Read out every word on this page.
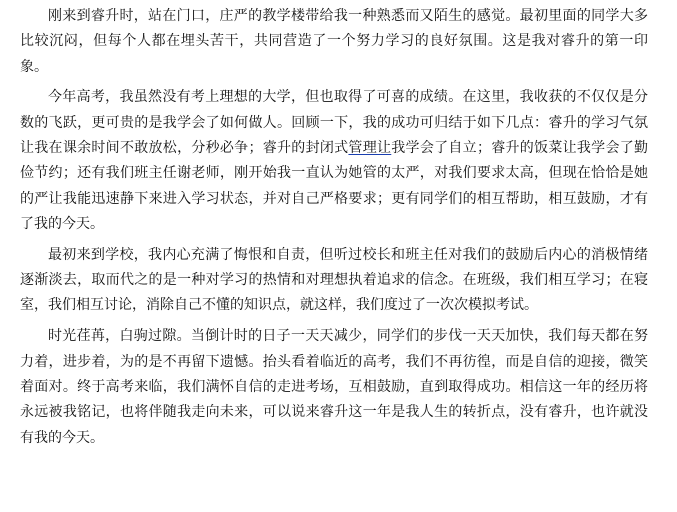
刚来到睿升时，站在门口，庄严的教学楼带给我一种熟悉而又陌生的感觉。最初里面的同学大多比较沉闷，但每个人都在埋头苦干，共同营造了一个努力学习的良好氛围。这是我对睿升的第一印象。

今年高考，我虽然没有考上理想的大学，但也取得了可喜的成绩。在这里，我收获的不仅仅是分数的飞跃，更可贵的是我学会了如何做人。回顾一下，我的成功可归结于如下几点：睿升的学习气氛让我在课余时间不敢放松，分秒必争；睿升的封闭式管理让我学会了自立；睿升的饭菜让我学会了勤俭节约；还有我们班主任谢老师，刚开始我一直认为她管的太严，对我们要求太高，但现在恰恰是她的严让我能迅速静下来进入学习状态，并对自己严格要求；更有同学们的相互帮助，相互鼓励，才有了我的今天。

最初来到学校，我内心充满了悔恨和自责，但听过校长和班主任对我们的鼓励后内心的消极情绪逐渐淡去，取而代之的是一种对学习的热情和对理想执着追求的信念。在班级，我们相互学习；在寝室，我们相互讨论，消除自己不懂的知识点，就这样，我们度过了一次次模拟考试。

时光荏苒，白驹过隙。当倒计时的日子一天天减少，同学们的步伐一天天加快，我们每天都在努力着，进步着，为的是不再留下遗憾。抬头看着临近的高考，我们不再彷徨，而是自信的迎接，微笑着面对。终于高考来临，我们满怀自信的走进考场，互相鼓励，直到取得成功。相信这一年的经历将永远被我铭记，也将伴随我走向未来，可以说来睿升这一年是我人生的转折点，没有睿升，也许就没有我的今天。
